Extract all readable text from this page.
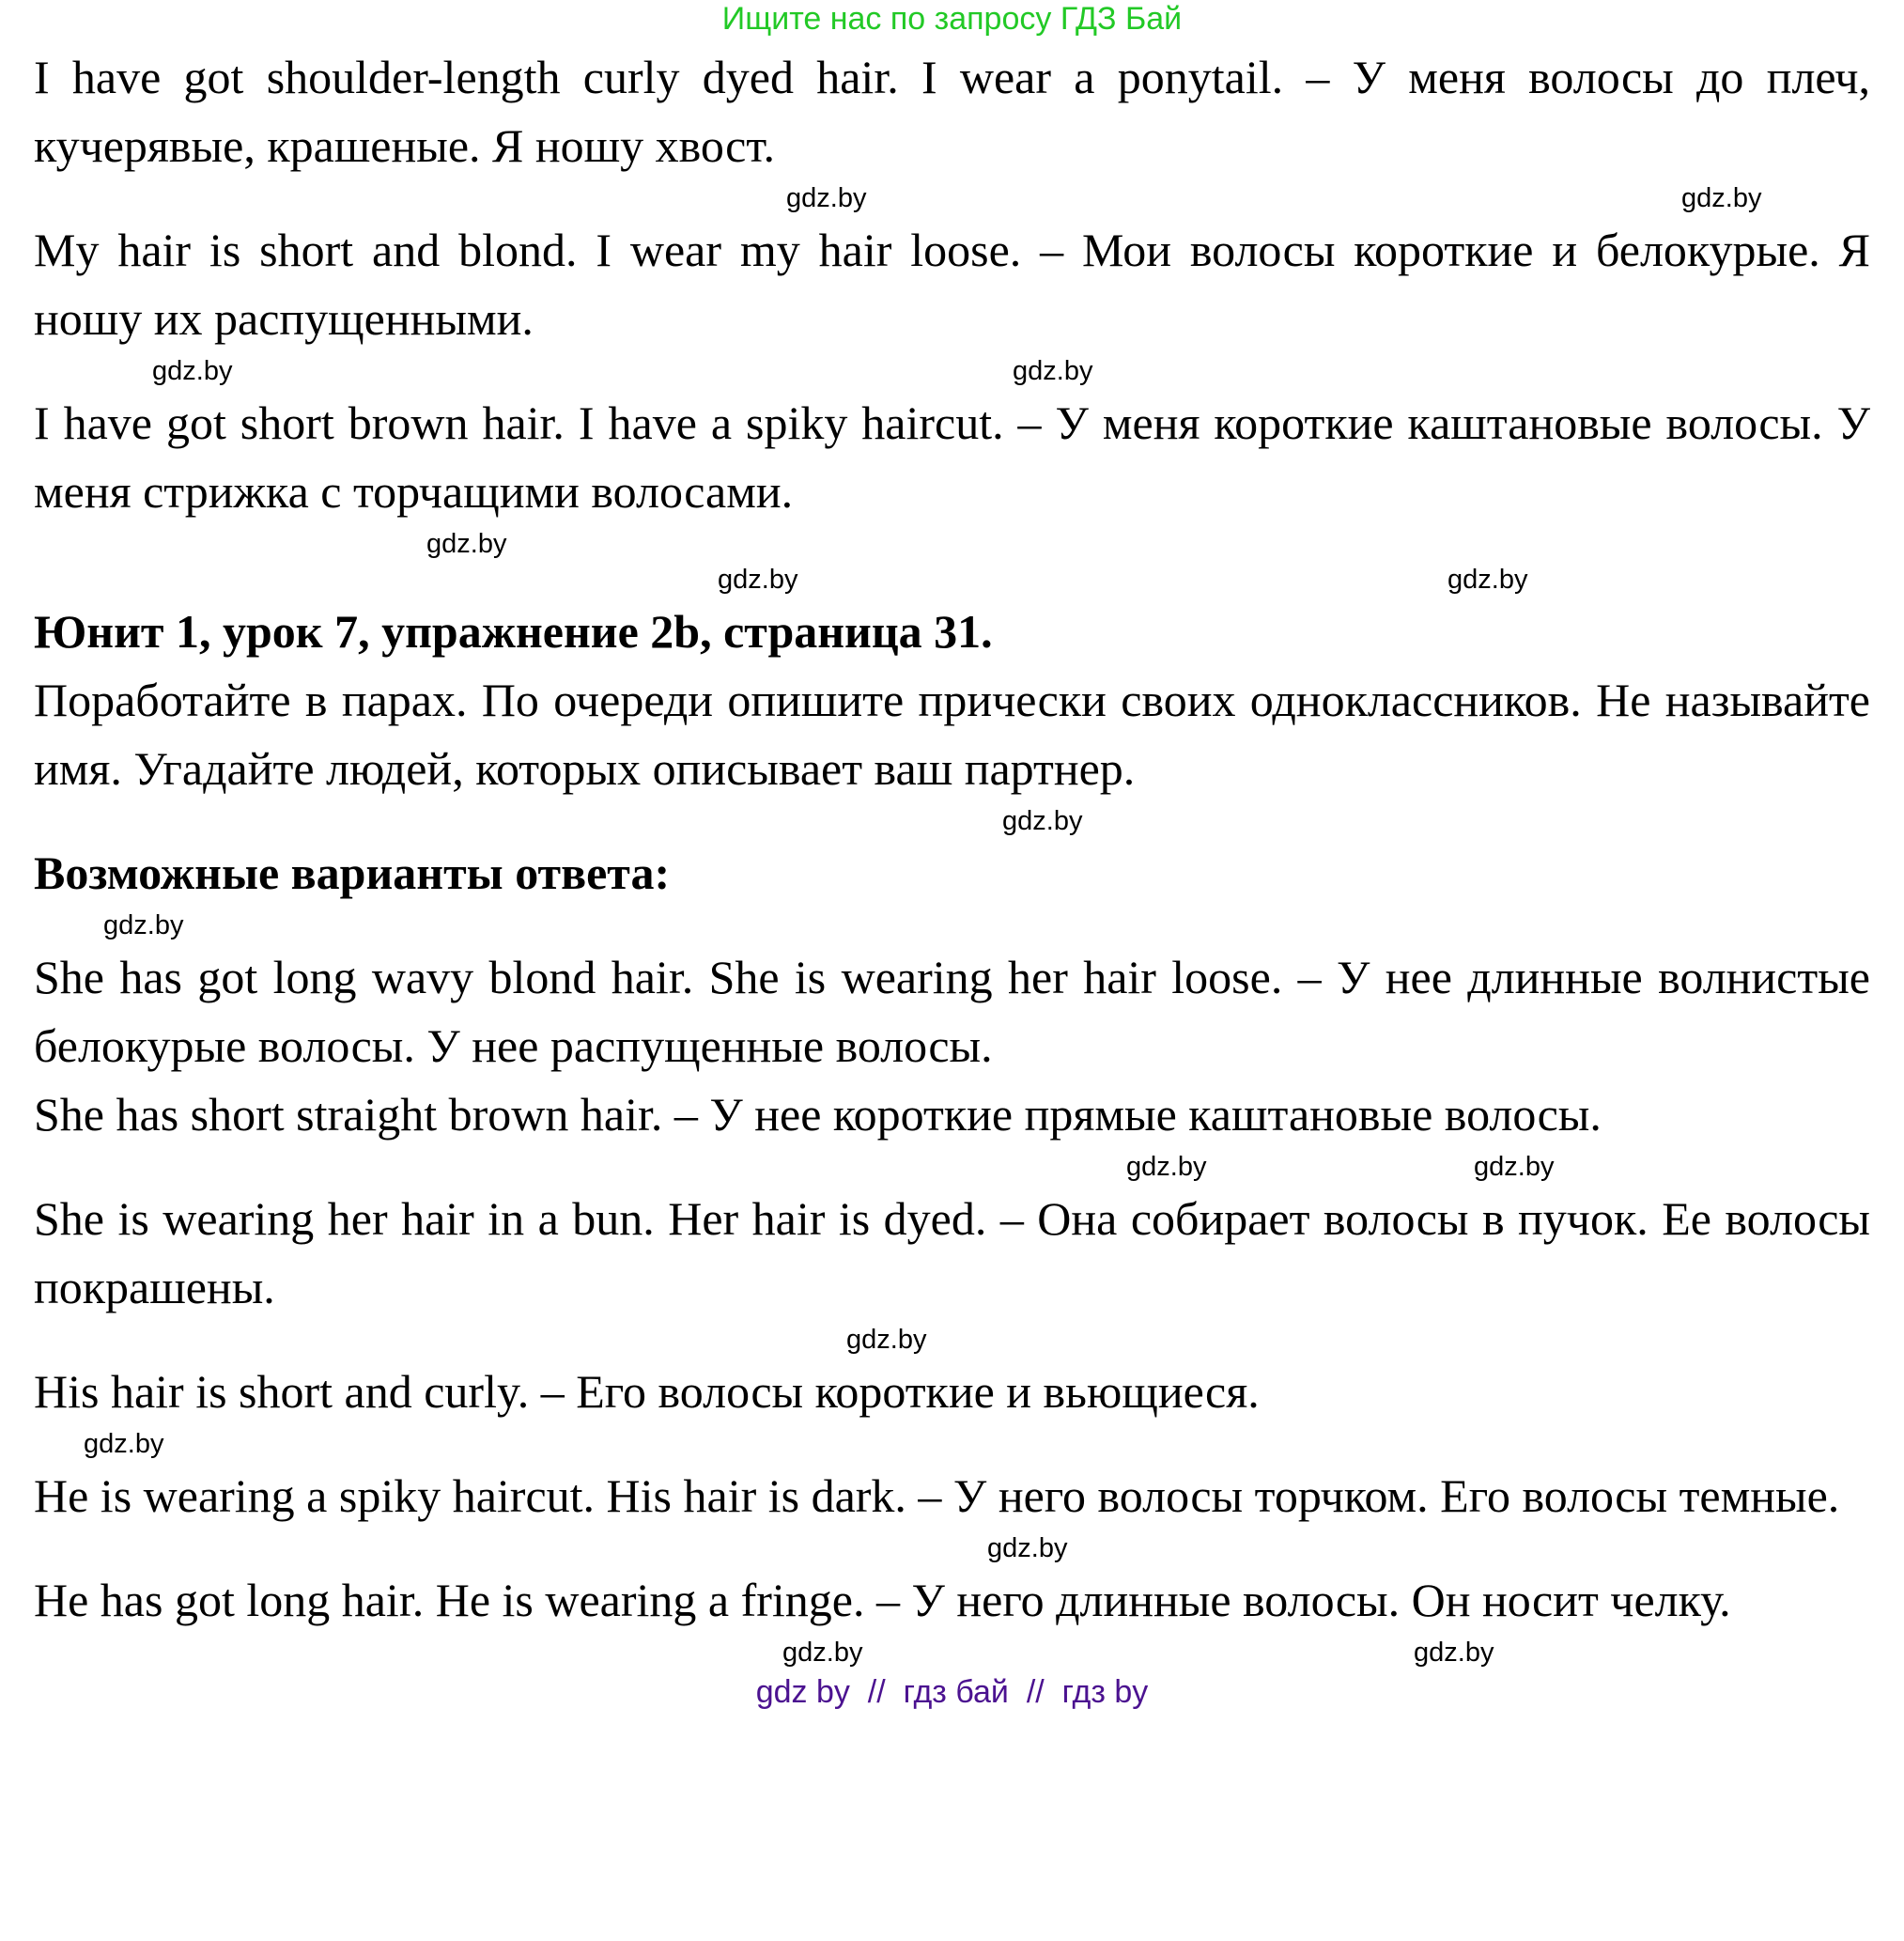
Ищите нас по запросу ГДЗ Бай

I have got shoulder-length curly dyed hair. I wear a ponytail. – У меня волосы до плеч, кучерявые, крашеные. Я ношу хвост.

gdz.by
gdz.by

My hair is short and blond. I wear my hair loose. – Мои волосы короткие и белокурые. Я ношу их распущенными.

gdz.by
gdz.by

I have got short brown hair. I have a spiky haircut. – У меня короткие каштановые волосы. У меня стрижка с торчащими волосами.

gdz.by
gdz.by	gdz.by

Юнит 1, урок 7, упражнение 2b, страница 31.

Поработайте в парах. По очереди опишите прически своих одноклассников. Не называйте имя. Угадайте людей, которых описывает ваш партнер.

gdz.by

Возможные варианты ответа:

gdz.by

She has got long wavy blond hair. She is wearing her hair loose. – У нее длинные волнистые белокурые волосы. У нее распущенные волосы.

She has short straight brown hair. – У нее короткие прямые каштановые волосы.

gdz.by
gdz.by

She is wearing her hair in a bun. Her hair is dyed. – Она собирает волосы в пучок. Ее волосы покрашены.

gdz.by

His hair is short and curly. – Его волосы короткие и вьющиеся.

gdz.by

He is wearing a spiky haircut. His hair is dark. – У него волосы торчком. Его волосы темные.

gdz.by

He has got long hair. He is wearing a fringe. – У него длинные волосы. Он носит челку.

gdz.by
gdz.by
gdz by  //  гдз бай  //  гдз by
